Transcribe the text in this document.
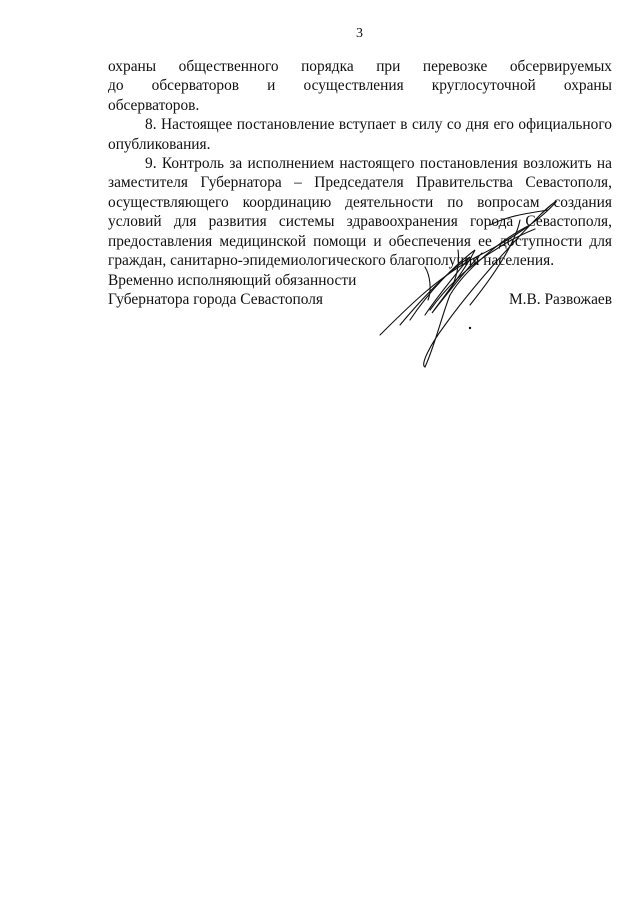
3

охраны общественного порядка при перевозке обсервируемых до обсерваторов и осуществления круглосуточной охраны обсерваторов.

8. Настоящее постановление вступает в силу со дня его официального опубликования.

9. Контроль за исполнением настоящего постановления возложить на заместителя Губернатора – Председателя Правительства Севастополя, осуществляющего координацию деятельности по вопросам создания условий для развития системы здравоохранения города Севастополя, предоставления медицинской помощи и обеспечения ее доступности для граждан, санитарно-эпидемиологического благополучия населения.

Временно исполняющий обязанности
Губернатора города Севастополя	М.В. Развожаев
